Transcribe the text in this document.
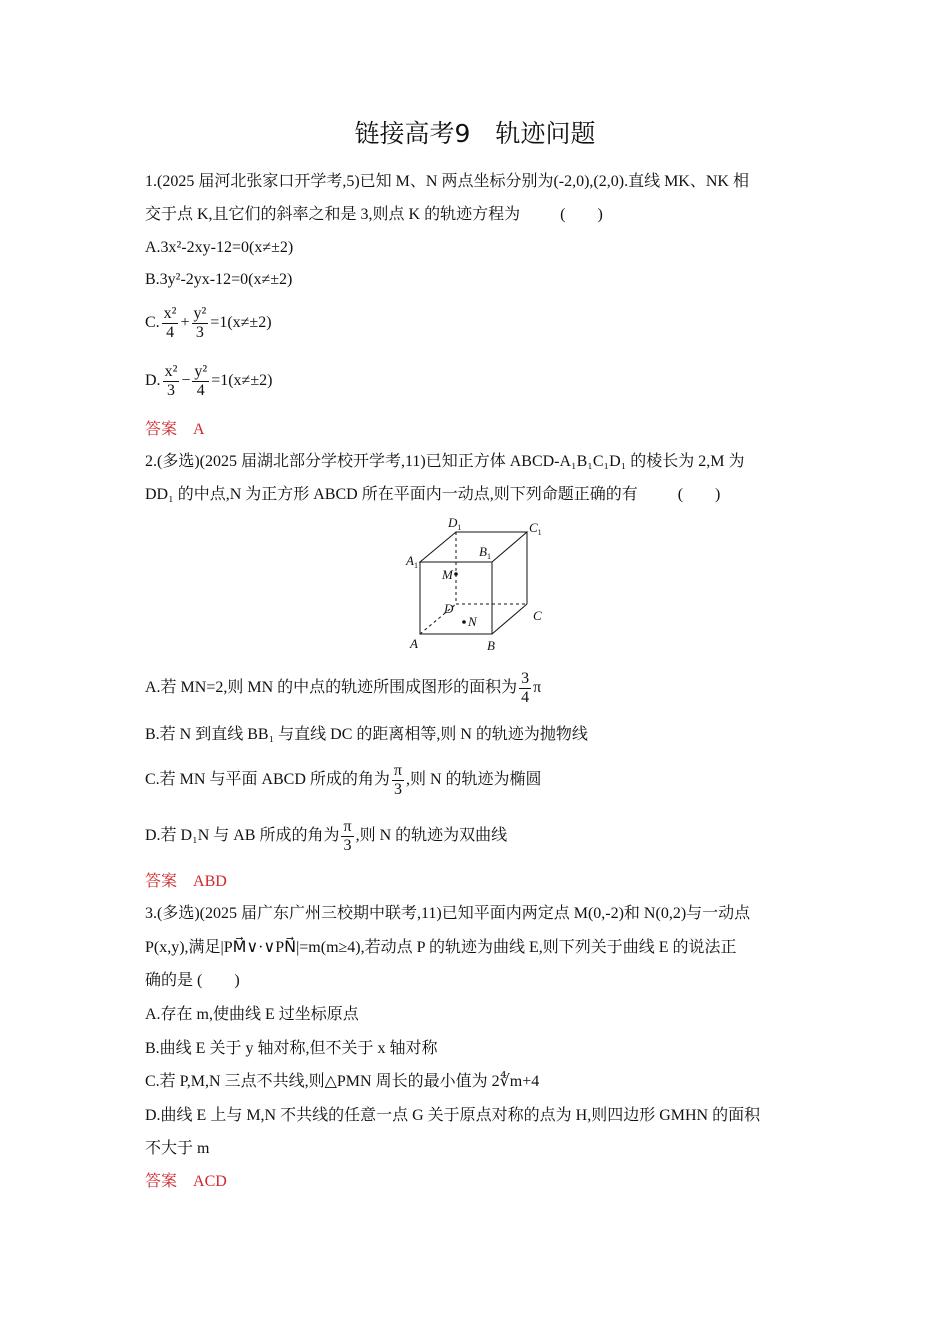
链接高考9　轨迹问题
1.(2025 届河北张家口开学考,5)已知 M、N 两点坐标分别为(-2,0),(2,0).直线 MK、NK 相
交于点 K,且它们的斜率之和是 3,则点 K 的轨迹方程为	(　　)
A.3x²-2xy-12=0(x≠±2)
B.3y²-2yx-12=0(x≠±2)
C. $\frac{\text{x²}}{4} + \frac{\text{y²}}{3} =1(x\ne\pm 2)$
D. $\frac{\text{x²}}{3} - \frac{\text{y²}}{4} =1(x\ne\pm 2)$
答案　 A
2.(多选)(2025 届湖北部分学校开学考,11)已知正方体 ABCD-A₁B₁C₁D₁ 的棱长为 2,M 为
DD₁ 的中点,N 为正方形 ABCD 所在平面内一动点,则下列命题正确的有	(　　)
$D_1$	$C_1$
$B_1$
$A_1$
M
D
N	C
A	B
A.若 MN=2,则 MN 的中点的轨迹所围成图形的面积为 $\frac{3}{4}$ π
B.若 N 到直线 BB₁ 与直线 DC 的距离相等,则 N 的轨迹为抛物线
C.若 MN 与平面 ABCD 所成的角为 $\frac{\pi}{3}$ ,则 N 的轨迹为椭圆
D.若 D₁N 与 AB 所成的角为 $\frac{\pi}{3}$ ,则 N 的轨迹为双曲线
答案　 ABD
3.(多选)(2025 届广东广州三校期中联考,11)已知平面内两定点 M(0,-2)和 N(0,2)与一动点
P(x,y),满足|PM⃗∨·∨PN⃗|=m(m≥4),若动点 P 的轨迹为曲线 E,则下列关于曲线 E 的说法正
确的是 (　　)
A.存在 m,使曲线 E 过坐标原点
B.曲线 E 关于 y 轴对称,但不关于 x 轴对称
C.若 P,M,N 三点不共线,则△PMN 周长的最小值为 2∜m+4
D.曲线 E 上与 M,N 不共线的任意一点 G 关于原点对称的点为 H,则四边形 GMHN 的面积
不大于 m
答案　 ACD
